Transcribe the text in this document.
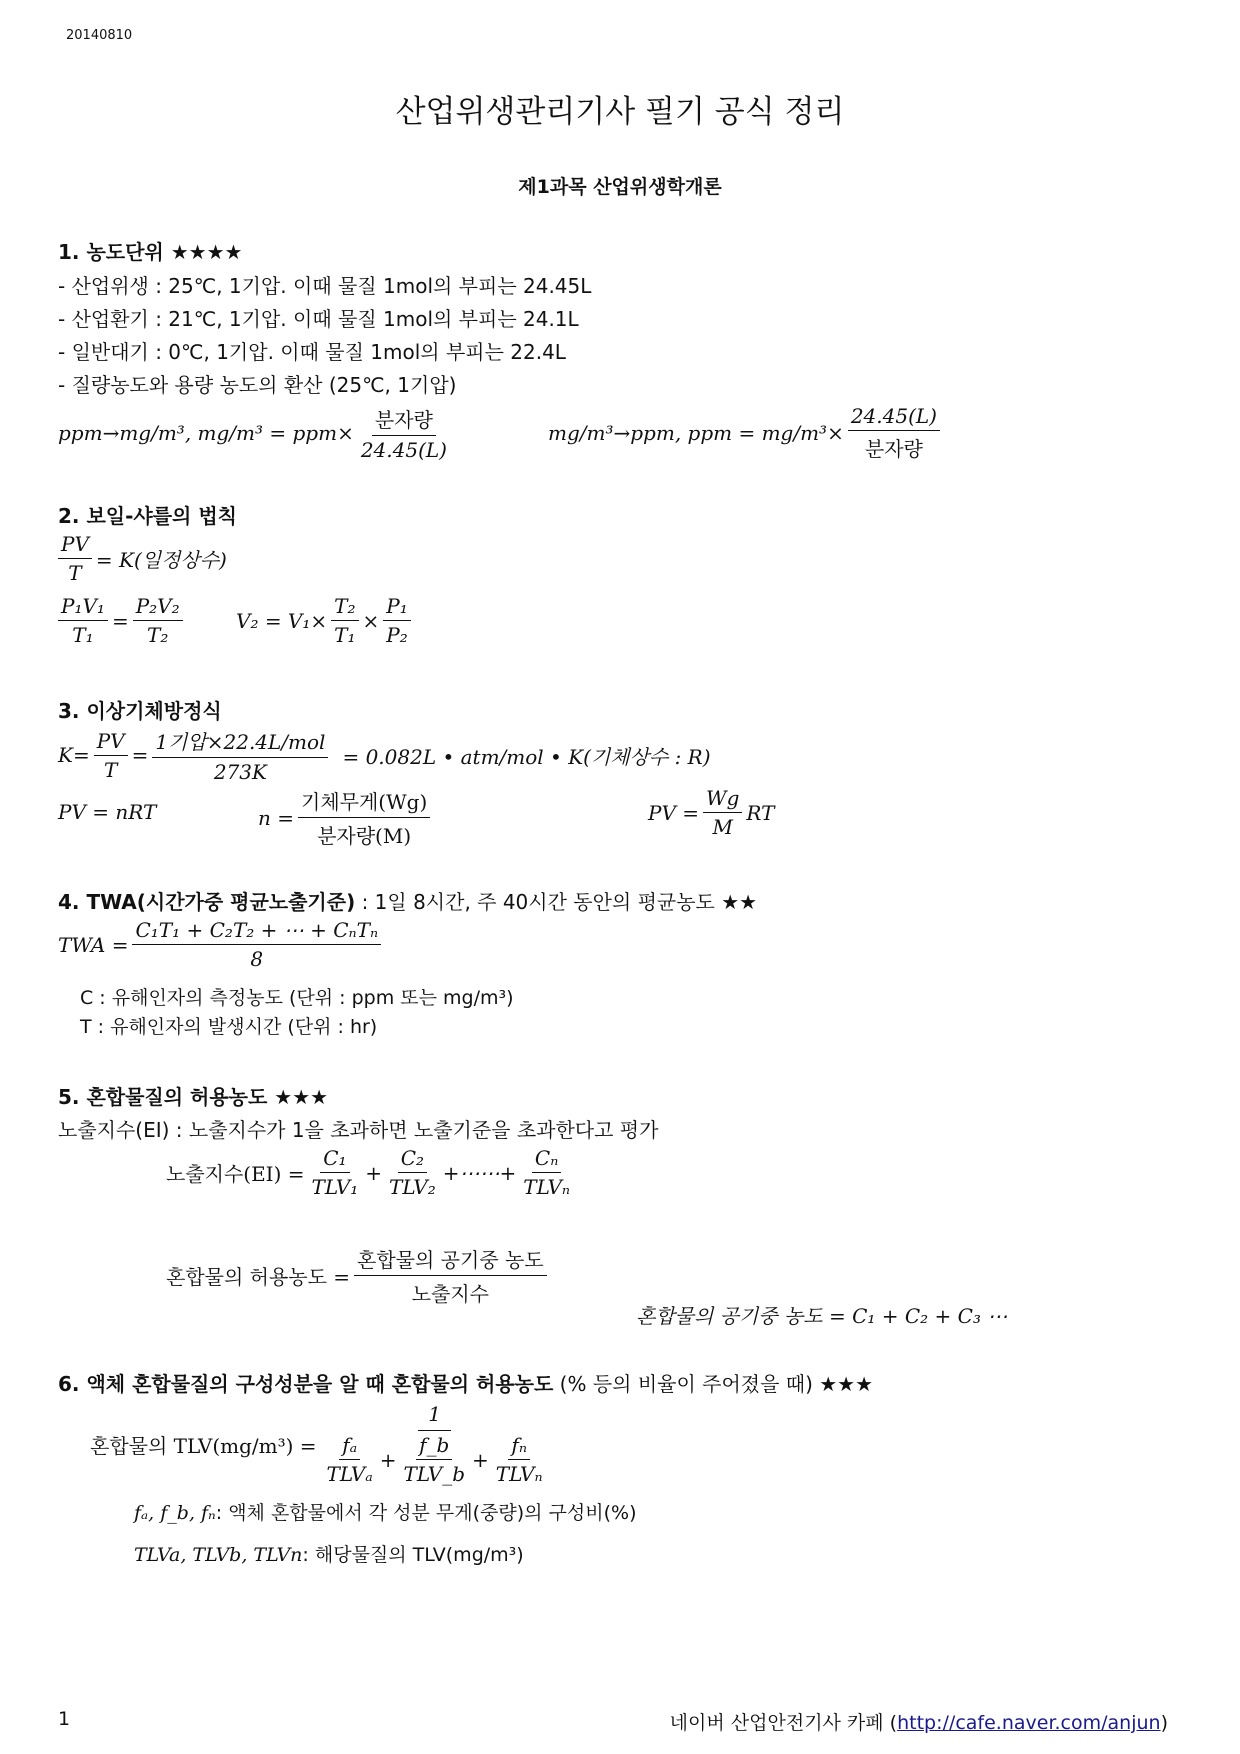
20140810
산업위생관리기사 필기 공식 정리
제1과목 산업위생학개론
1. 농도단위 ★★★★
- 산업위생 : 25℃, 1기압. 이때 물질 1mol의 부피는 24.45L
- 산업환기 : 21℃, 1기압. 이때 물질 1mol의 부피는 24.1L
- 일반대기 : 0℃, 1기압. 이때 물질 1mol의 부피는 22.4L
- 질량농도와 용량 농도의 환산 (25℃, 1기압)
ppm→mg/m³, $mg/m^3 = ppm\times \frac{\text{분자량}}{24.45(L)}$	mg/m³→ppm, ppm = $mg/m^3\times \frac{24.45(L)}{\text{분자량}}$
2. 보일-샤를의 법칙
$\frac{PV}{T} = K$(일정상수)
$\frac{\text{P₁V₁}}{\text{T₁}} = \frac{\text{P₂V₂}}{\text{T₂}}$	$V_2 = V_1\times \frac{\text{T₂}}{\text{T₁}} \times \frac{\text{P₁}}{\text{P₂}}$
3. 이상기체방정식
$K= \frac{PV}{T} = \frac{\text{1기압×22.4L/mol}}{273K} = 0.082L$ • atm/mol • K(기체상수 : R)
PV = nRT	$n = \frac{\text{기체무게(Wg)}}{\text{분자량(M)}}$	PV = $\frac{Wg}{M}$ RT
4. TWA(시간가중 평균노출기준) : 1일 8시간, 주 40시간 동안의 평균농도 ★★
TWA = $\frac{\text{C₁T₁ + C₂T₂ + ⋯ + CₙTₙ}}{8}$
C : 유해인자의 측정농도 (단위 : ppm 또는 mg/m³)
T : 유해인자의 발생시간 (단위 : hr)
5. 혼합물질의 허용농도 ★★★
노출지수(EI) : 노출지수가 1을 초과하면 노출기준을 초과한다고 평가
노출지수$(EI) = \frac{\text{C₁}}{\text{TLV₁}} + \frac{\text{C₂}}{\text{TLV₂}}$ +⋯⋯+ $\frac{\text{Cₙ}}{\text{TLVₙ}}$
혼합물의 허용농도 = $\frac{\text{혼합물의 공기중 농도}}{\text{노출지수}}$
혼합물의 공기중 농도 = C₁ + C₂ + C₃ ⋯
6. 액체 혼합물질의 구성성분을 알 때 혼합물의 허용농도 (% 등의 비율이 주어졌을 때) ★★★
혼합물의 $TLV(mg/m^3) = \frac{1}{\frac{\text{fₐ}}{\text{TLVₐ}} + \frac{f\_b}{\text{TLV\_b}} + \frac{\text{fₙ}}{\text{TLVₙ}}}$
fₐ, f_b, fₙ: 액체 혼합물에서 각 성분 무게(중량)의 구성비(%)
TLVa, TLVb, TLVn: 해당물질의 TLV(mg/m³)
1	네이버 산업안전기사 카페 (http://cafe.naver.com/anjun)
